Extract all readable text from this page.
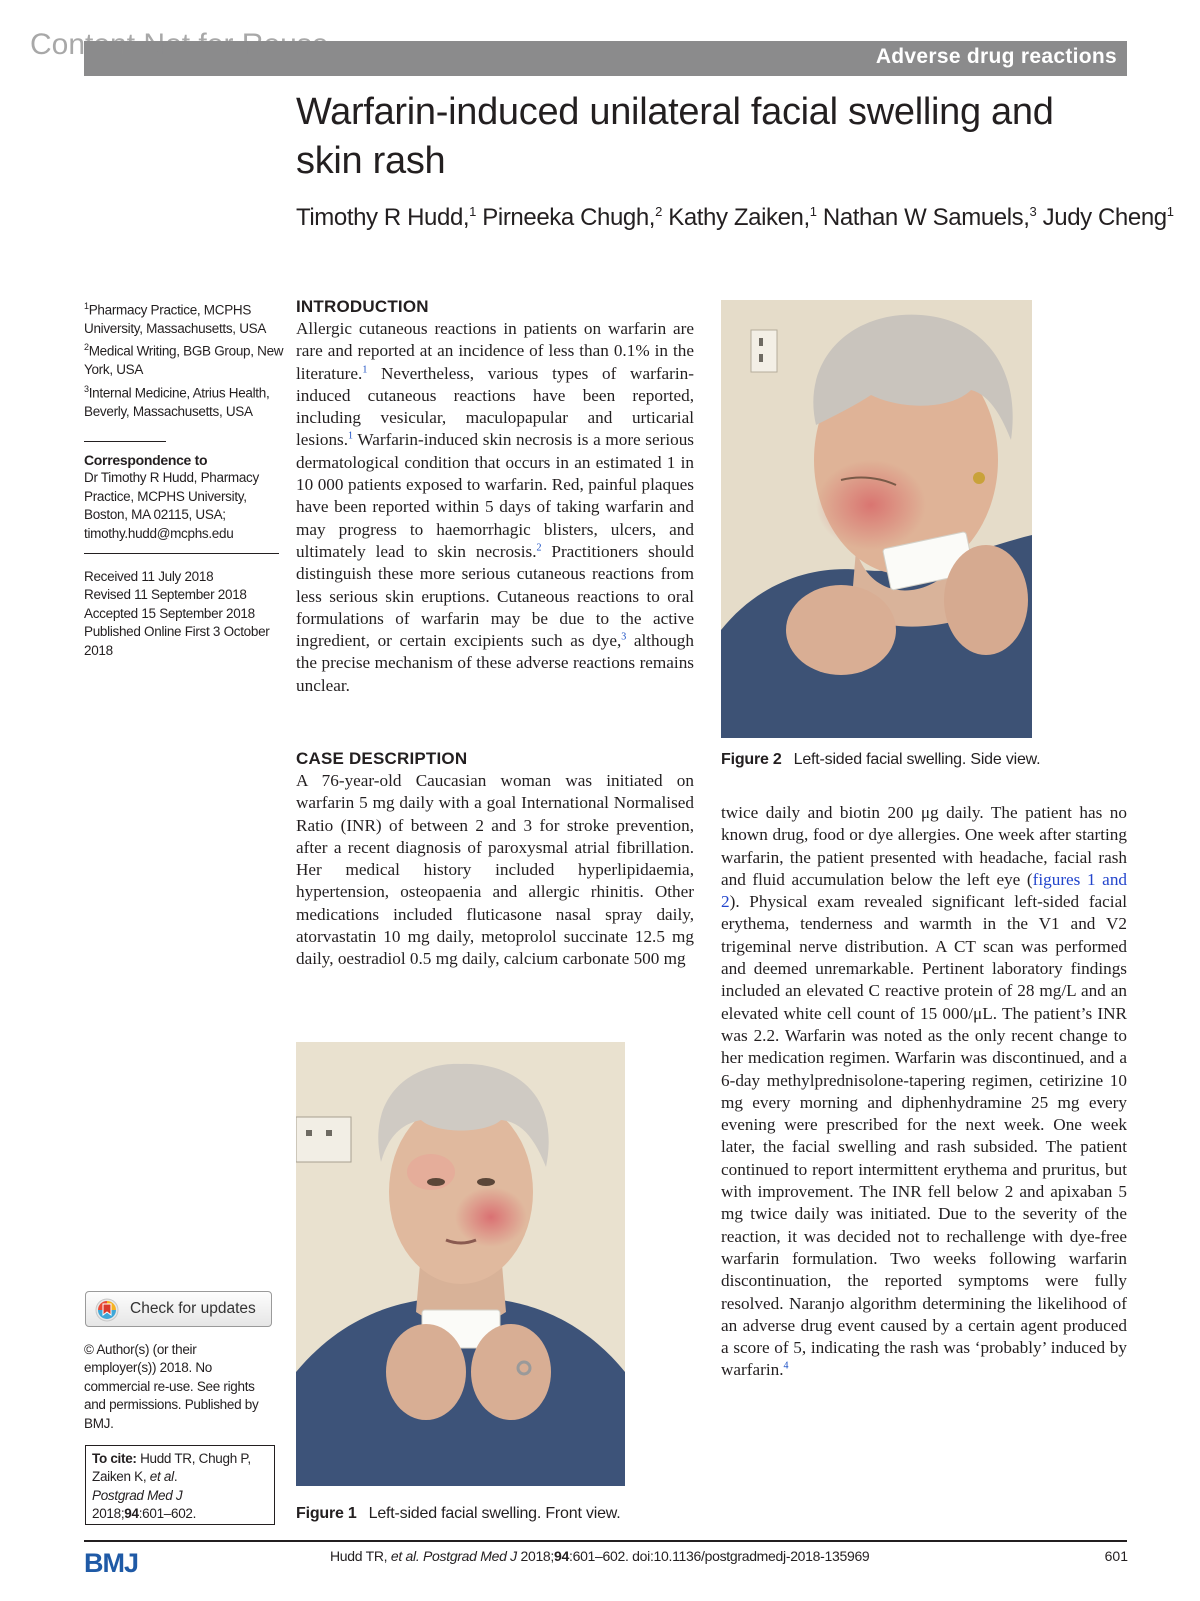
Content Not for Reuse	Adverse drug reactions
Warfarin-induced unilateral facial swelling and skin rash
Timothy R Hudd,$^1$ Pirneeka Chugh,$^2$ Kathy Zaiken,$^1$ Nathan W Samuels,$^3$ Judy Cheng$^1$
$^1$Pharmacy Practice, MCPHS University, Massachusetts, USA
$^2$Medical Writing, BGB Group, New York, USA
$^3$Internal Medicine, Atrius Health, Beverly, Massachusetts, USA
Correspondence to
Dr Timothy R Hudd, Pharmacy Practice, MCPHS University, Boston, MA 02115, USA; timothy.hudd@mcphs.edu
Received 11 July 2018
Revised 11 September 2018
Accepted 15 September 2018
Published Online First 3 October 2018
Check for updates
© Author(s) (or their employer(s)) 2018. No commercial re-use. See rights and permissions. Published by BMJ.
To cite: Hudd TR, Chugh P, Zaiken K, et al.
Postgrad Med J
2018;94:601–602.
INTRODUCTION
Allergic cutaneous reactions in patients on warfarin are rare and reported at an incidence of less than 0.1% in the literature.$^1$ Nevertheless, various types of warfarin-induced cutaneous reactions have been reported, including vesicular, maculopapular and urticarial lesions.$^1$ Warfarin-induced skin necrosis is a more serious dermatological condition that occurs in an estimated 1 in 10 000 patients exposed to warfarin. Red, painful plaques have been reported within 5 days of taking warfarin and may progress to haemorrhagic blisters, ulcers, and ultimately lead to skin necrosis.$^2$ Practitioners should distinguish these more serious cutaneous reactions from less serious skin eruptions. Cutaneous reactions to oral formulations of warfarin may be due to the active ingredient, or certain excipients such as dye,$^3$ although the precise mechanism of these adverse reactions remains unclear.
CASE DESCRIPTION
A 76-year-old Caucasian woman was initiated on warfarin 5 mg daily with a goal International Normalised Ratio (INR) of between 2 and 3 for stroke prevention, after a recent diagnosis of paroxysmal atrial fibrillation. Her medical history included hyperlipidaemia, hypertension, osteopaenia and allergic rhinitis. Other medications included fluticasone nasal spray daily, atorvastatin 10 mg daily, metoprolol succinate 12.5 mg daily, oestradiol 0.5 mg daily, calcium carbonate 500 mg
twice daily and biotin 200 μg daily. The patient has no known drug, food or dye allergies. One week after starting warfarin, the patient presented with headache, facial rash and fluid accumulation below the left eye (figures 1 and 2). Physical exam revealed significant left-sided facial erythema, tenderness and warmth in the V1 and V2 trigeminal nerve distribution. A CT scan was performed and deemed unremarkable. Pertinent laboratory findings included an elevated C reactive protein of 28 mg/L and an elevated white cell count of 15 000/μL. The patient’s INR was 2.2. Warfarin was noted as the only recent change to her medication regimen. Warfarin was discontinued, and a 6-day methylprednisolone-tapering regimen, cetirizine 10 mg every morning and diphenhydramine 25 mg every evening were prescribed for the next week. One week later, the facial swelling and rash subsided. The patient continued to report intermittent erythema and pruritus, but with improvement. The INR fell below 2 and apixaban 5 mg twice daily was initiated. Due to the severity of the reaction, it was decided not to rechallenge with dye-free warfarin formulation. Two weeks following warfarin discontinuation, the reported symptoms were fully resolved. Naranjo algorithm determining the likelihood of an adverse drug event caused by a certain agent produced a score of 5, indicating the rash was ‘probably’ induced by warfarin.$^4$
Figure 2 Left-sided facial swelling. Side view.
Figure 1 Left-sided facial swelling. Front view.
BMJ	Hudd TR, et al. Postgrad Med J 2018;94:601–602. doi:10.1136/postgradmedj-2018-135969	601
